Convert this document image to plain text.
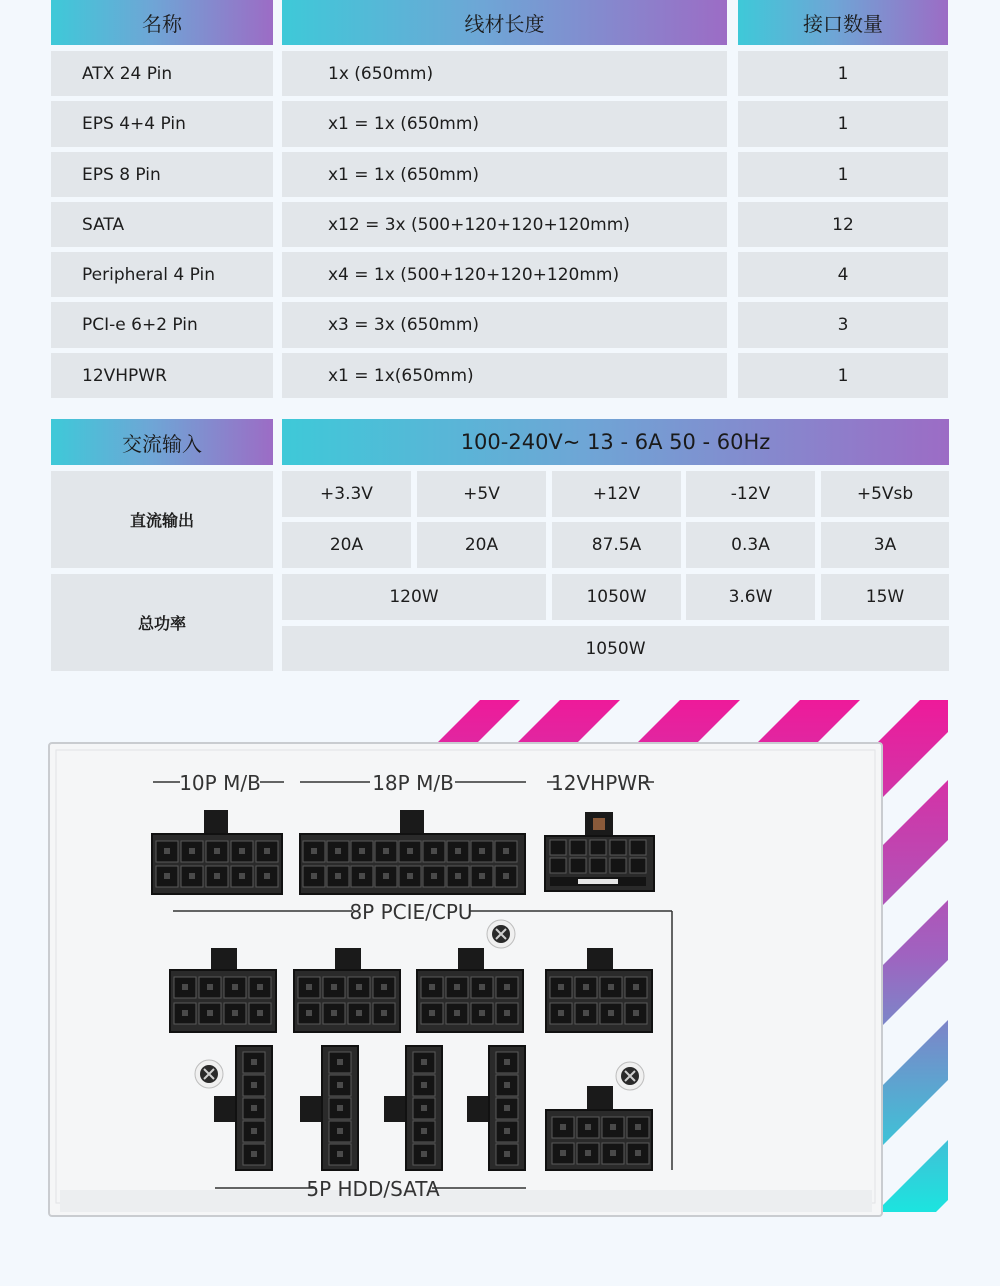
名称	线材长度	接口数量
ATX 24 Pin	1x (650mm)	1
EPS 4+4 Pin	x1 = 1x (650mm)	1
EPS 8 Pin	x1 = 1x (650mm)	1
SATA	x12 = 3x (500+120+120+120mm)	12
Peripheral 4 Pin	x4 = 1x (500+120+120+120mm)	4
PCI-e 6+2 Pin	x3 = 3x (650mm)	3
12VHPWR	x1 = 1x(650mm)	1
交流输入	100-240V~ 13 - 6A 50 - 60Hz
直流输出
+3.3V	+5V	+12V	-12V	+5Vsb
20A	20A	87.5A	0.3A	3A
总功率
120W	1050W	3.6W	15W
1050W
10P M/B	18P M/B	12VHPWR
8P PCIE/CPU
5P HDD/SATA
